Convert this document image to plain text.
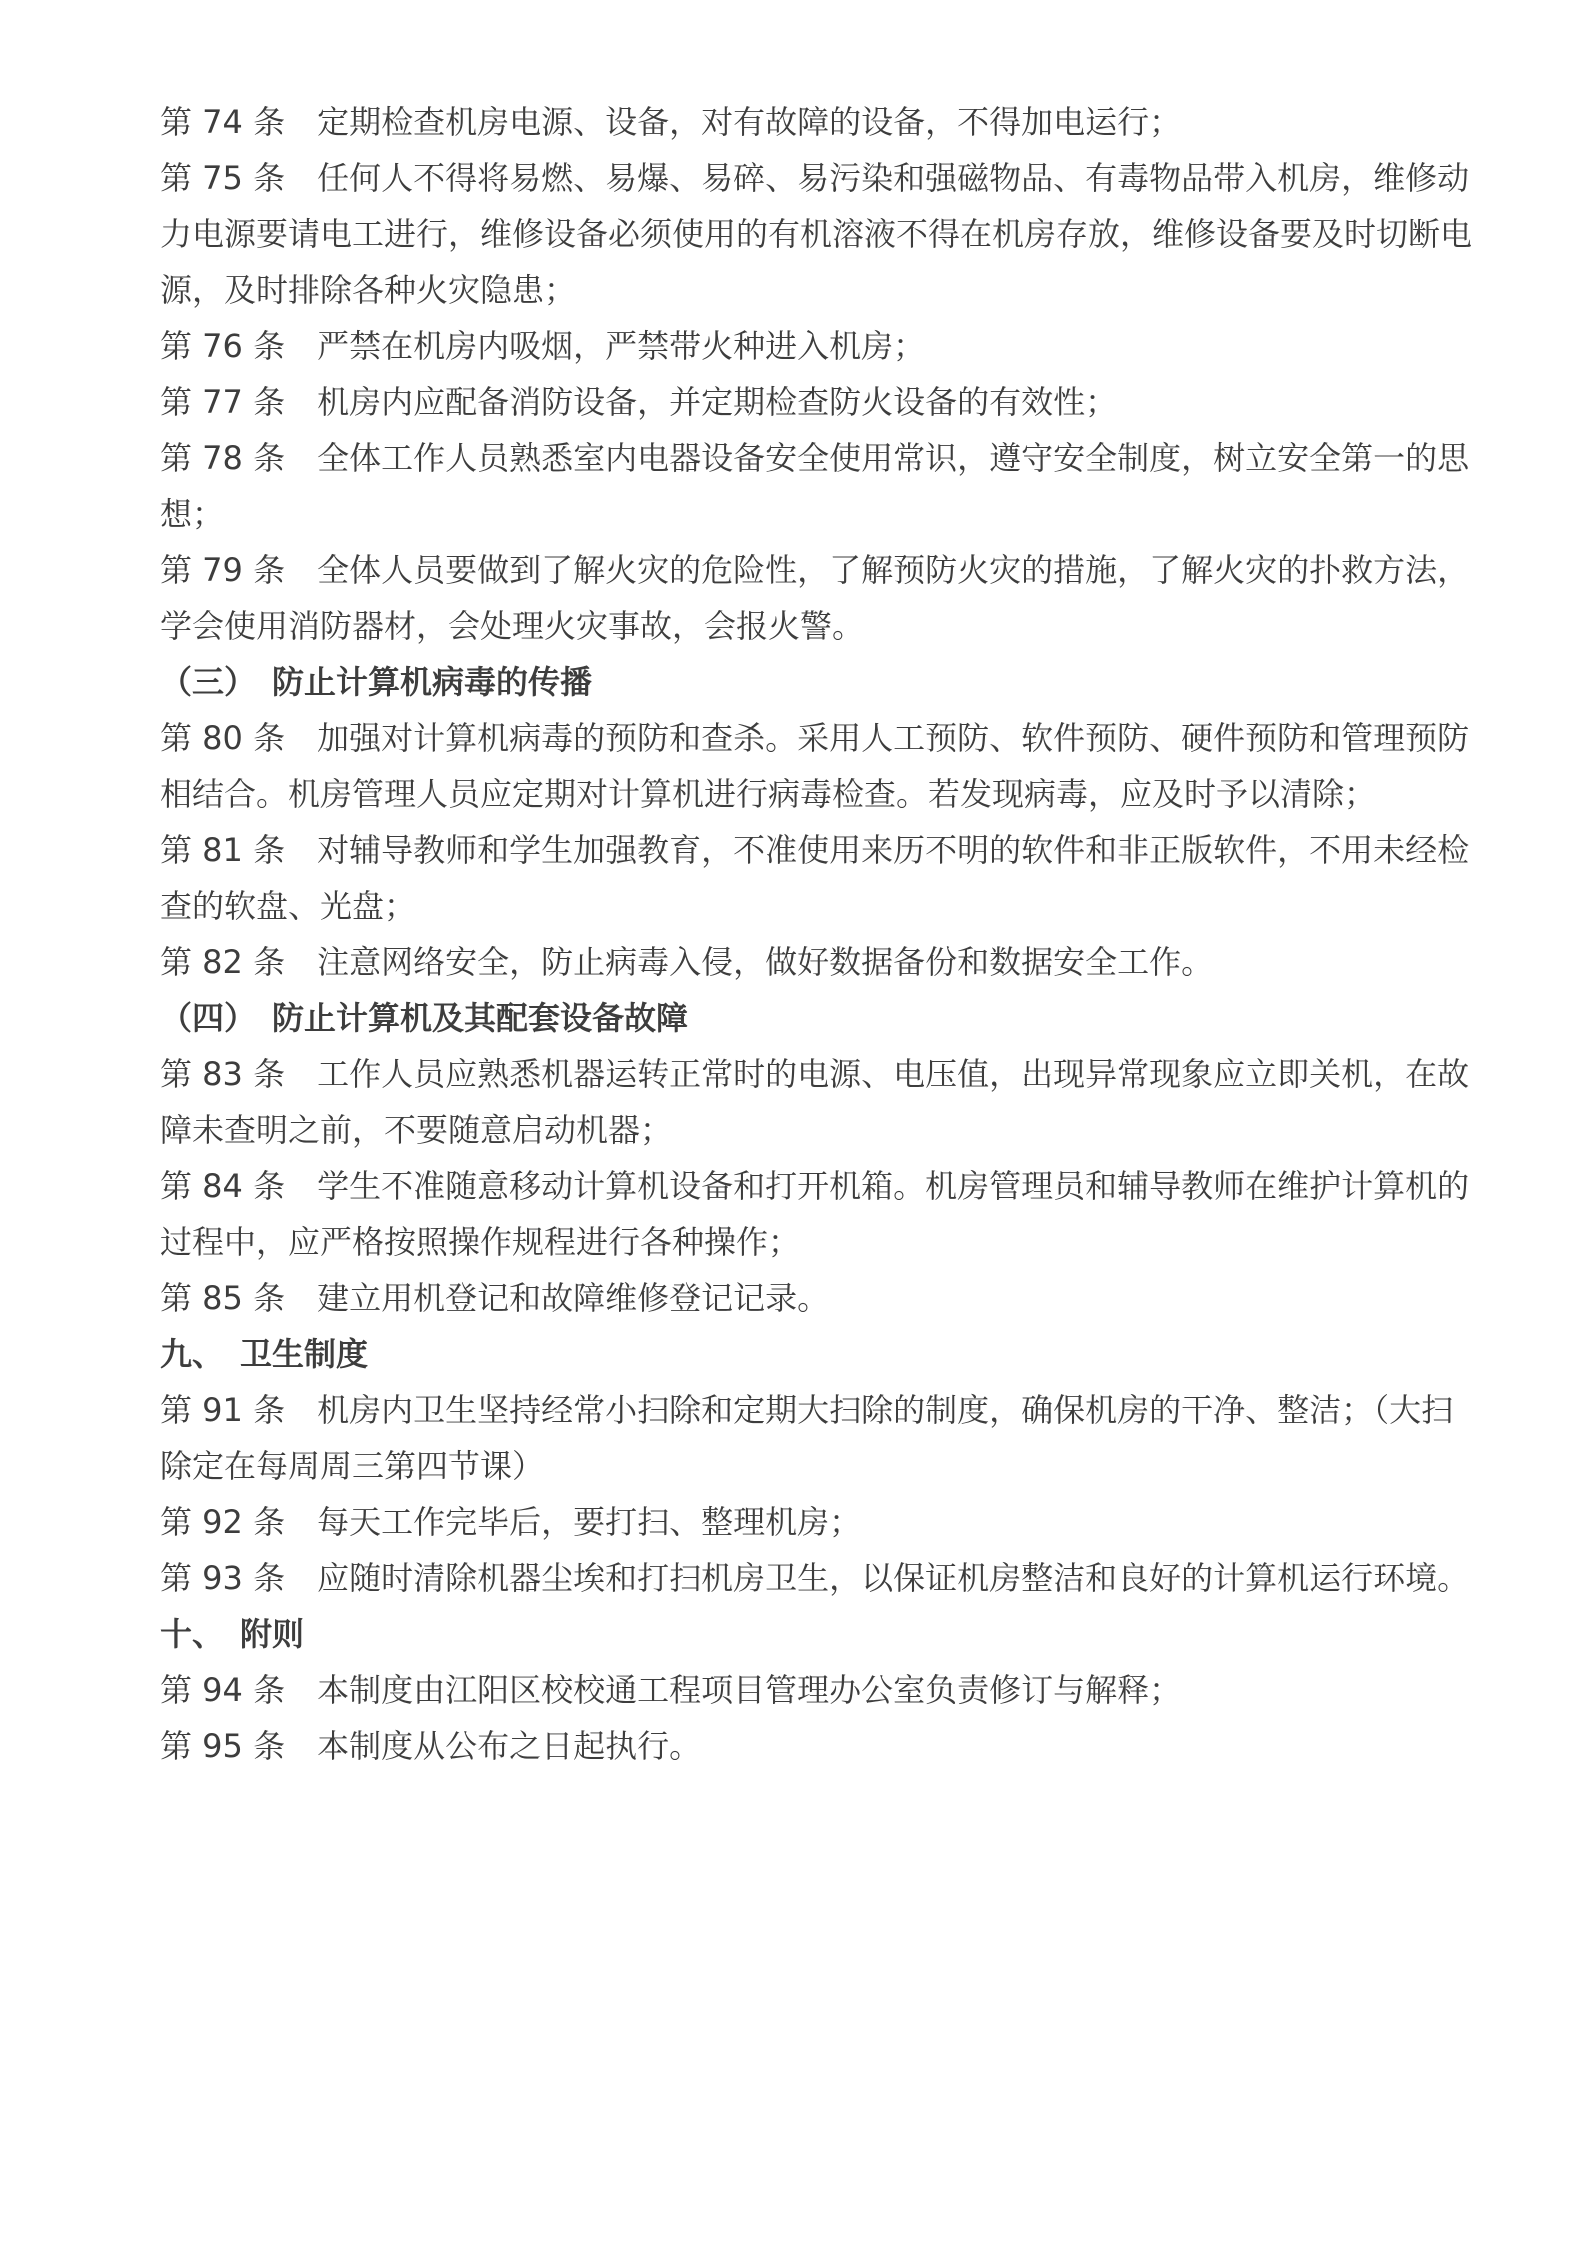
第 74 条　定期检查机房电源、设备，对有故障的设备，不得加电运行；

第 75 条　任何人不得将易燃、易爆、易碎、易污染和强磁物品、有毒物品带入机房，维修动力电源要请电工进行，维修设备必须使用的有机溶液不得在机房存放，维修设备要及时切断电源，及时排除各种火灾隐患；

第 76 条　严禁在机房内吸烟，严禁带火种进入机房；

第 77 条　机房内应配备消防设备，并定期检查防火设备的有效性；

第 78 条　全体工作人员熟悉室内电器设备安全使用常识，遵守安全制度，树立安全第一的思想；

第 79 条　全体人员要做到了解火灾的危险性，了解预防火灾的措施，了解火灾的扑救方法，学会使用消防器材，会处理火灾事故，会报火警。

（三）　防止计算机病毒的传播

第 80 条　加强对计算机病毒的预防和查杀。采用人工预防、软件预防、硬件预防和管理预防相结合。机房管理人员应定期对计算机进行病毒检查。若发现病毒，应及时予以清除；

第 81 条　对辅导教师和学生加强教育，不准使用来历不明的软件和非正版软件，不用未经检查的软盘、光盘；

第 82 条　注意网络安全，防止病毒入侵，做好数据备份和数据安全工作。

（四）　防止计算机及其配套设备故障

第 83 条　工作人员应熟悉机器运转正常时的电源、电压值，出现异常现象应立即关机，在故障未查明之前，不要随意启动机器；

第 84 条　学生不准随意移动计算机设备和打开机箱。机房管理员和辅导教师在维护计算机的过程中，应严格按照操作规程进行各种操作；

第 85 条　建立用机登记和故障维修登记记录。

九、　卫生制度

第 91 条　机房内卫生坚持经常小扫除和定期大扫除的制度，确保机房的干净、整洁；（大扫除定在每周周三第四节课）

第 92 条　每天工作完毕后，要打扫、整理机房；

第 93 条　应随时清除机器尘埃和打扫机房卫生，以保证机房整洁和良好的计算机运行环境。

十、　附则

第 94 条　本制度由江阳区校校通工程项目管理办公室负责修订与解释；

第 95 条　本制度从公布之日起执行。
